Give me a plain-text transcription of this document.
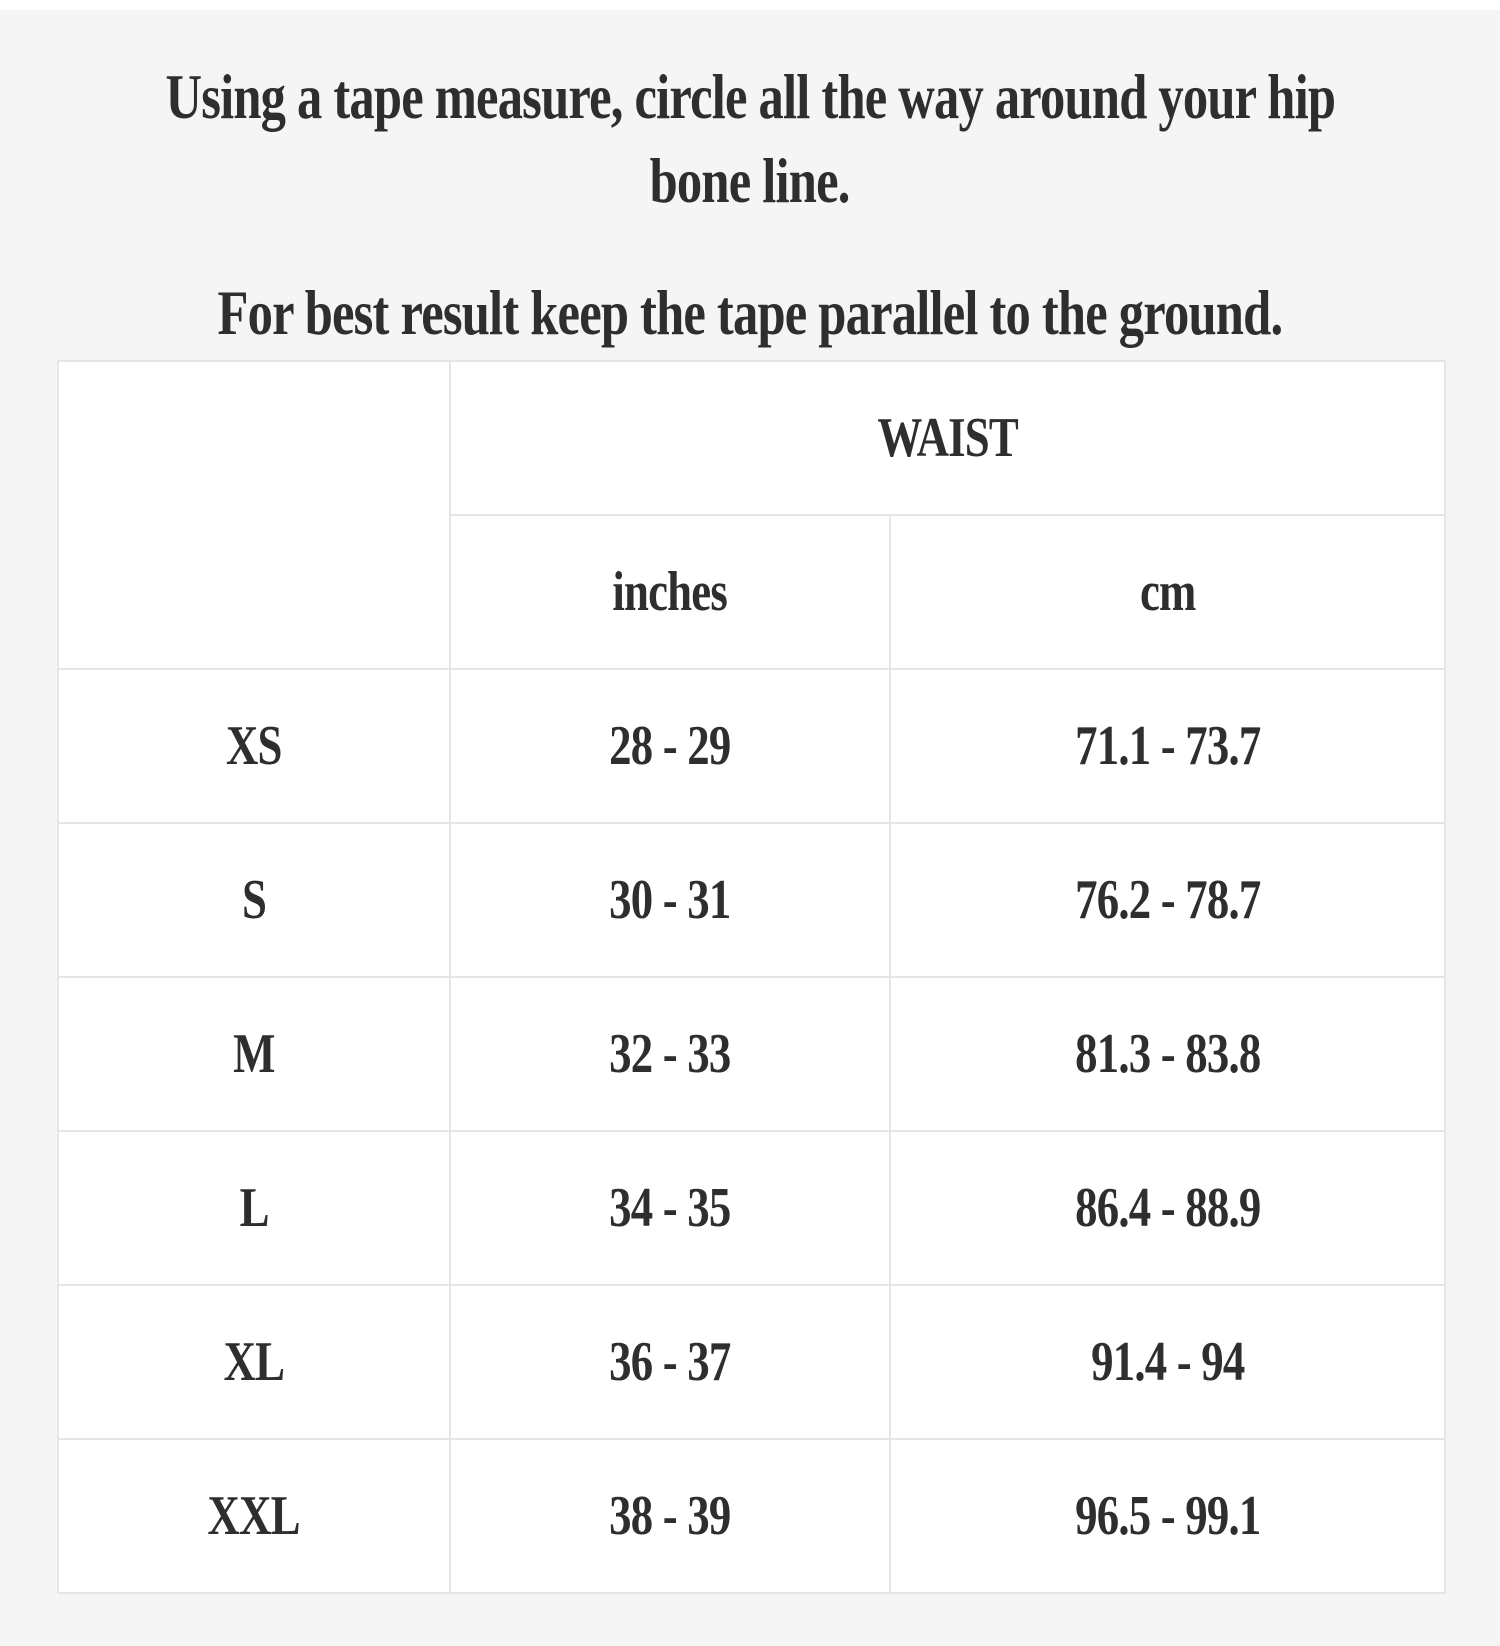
Using a tape measure, circle all the way around your hip
bone line.
For best result keep the tape parallel to the ground.
	WAIST	
	inches	cm
XS	28 - 29	71.1 - 73.7
S	30 - 31	76.2 - 78.7
M	32 - 33	81.3 - 83.8
L	34 - 35	86.4 - 88.9
XL	36 - 37	91.4 - 94
XXL	38 - 39	96.5 - 99.1
